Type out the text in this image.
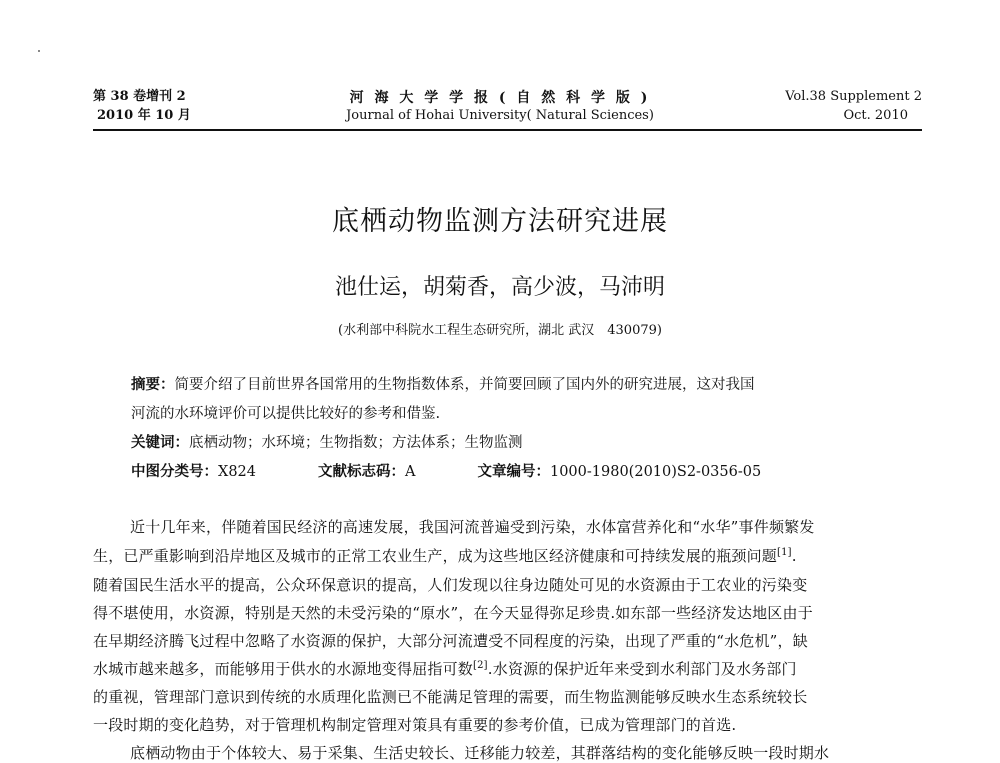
第 38 卷增刊 2
2010 年 10 月
河 海 大 学 学 报 ( 自 然 科 学 版 )
Journal of Hohai University( Natural Sciences)
Vol.38 Supplement 2
Oct. 2010
底栖动物监测方法研究进展
池仕运，胡菊香，高少波，马沛明
(水利部中科院水工程生态研究所，湖北 武汉　430079)
摘要：简要介绍了目前世界各国常用的生物指数体系，并简要回顾了国内外的研究进展，这对我国
河流的水环境评价可以提供比较好的参考和借鉴.
关键词：底栖动物；水环境；生物指数；方法体系；生物监测
中图分类号：X824	文献标志码：A	文章编号：1000-1980(2010)S2-0356-05
近十几年来，伴随着国民经济的高速发展，我国河流普遍受到污染，水体富营养化和“水华”事件频繁发
生，已严重影响到沿岸地区及城市的正常工农业生产，成为这些地区经济健康和可持续发展的瓶颈问题[1].
随着国民生活水平的提高，公众环保意识的提高，人们发现以往身边随处可见的水资源由于工农业的污染变
得不堪使用，水资源，特别是天然的未受污染的“原水”，在今天显得弥足珍贵.如东部一些经济发达地区由于
在早期经济腾飞过程中忽略了水资源的保护，大部分河流遭受不同程度的污染，出现了严重的“水危机”，缺
水城市越来越多，而能够用于供水的水源地变得屈指可数[2].水资源的保护近年来受到水利部门及水务部门
的重视，管理部门意识到传统的水质理化监测已不能满足管理的需要，而生物监测能够反映水生态系统较长
一段时期的变化趋势，对于管理机构制定管理对策具有重要的参考价值，已成为管理部门的首选.
底栖动物由于个体较大、易于采集、生活史较长、迁移能力较差，其群落结构的变化能够反映一段时期水
